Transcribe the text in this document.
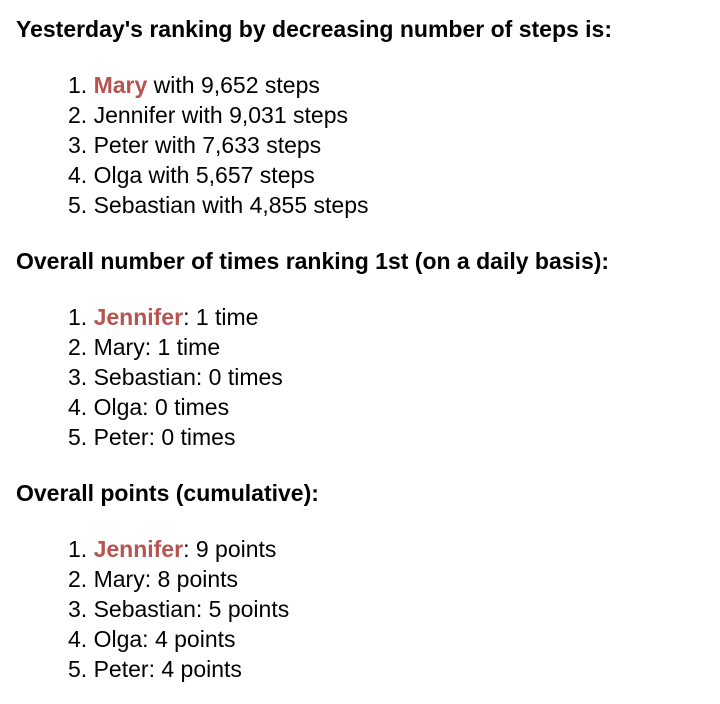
Yesterday's ranking by decreasing number of steps is:

1. Mary with 9,652 steps
2. Jennifer with 9,031 steps
3. Peter with 7,633 steps
4. Olga with 5,657 steps
5. Sebastian with 4,855 steps

Overall number of times ranking 1st (on a daily basis):

1. Jennifer: 1 time
2. Mary: 1 time
3. Sebastian: 0 times
4. Olga: 0 times
5. Peter: 0 times

Overall points (cumulative):

1. Jennifer: 9 points
2. Mary: 8 points
3. Sebastian: 5 points
4. Olga: 4 points
5. Peter: 4 points
